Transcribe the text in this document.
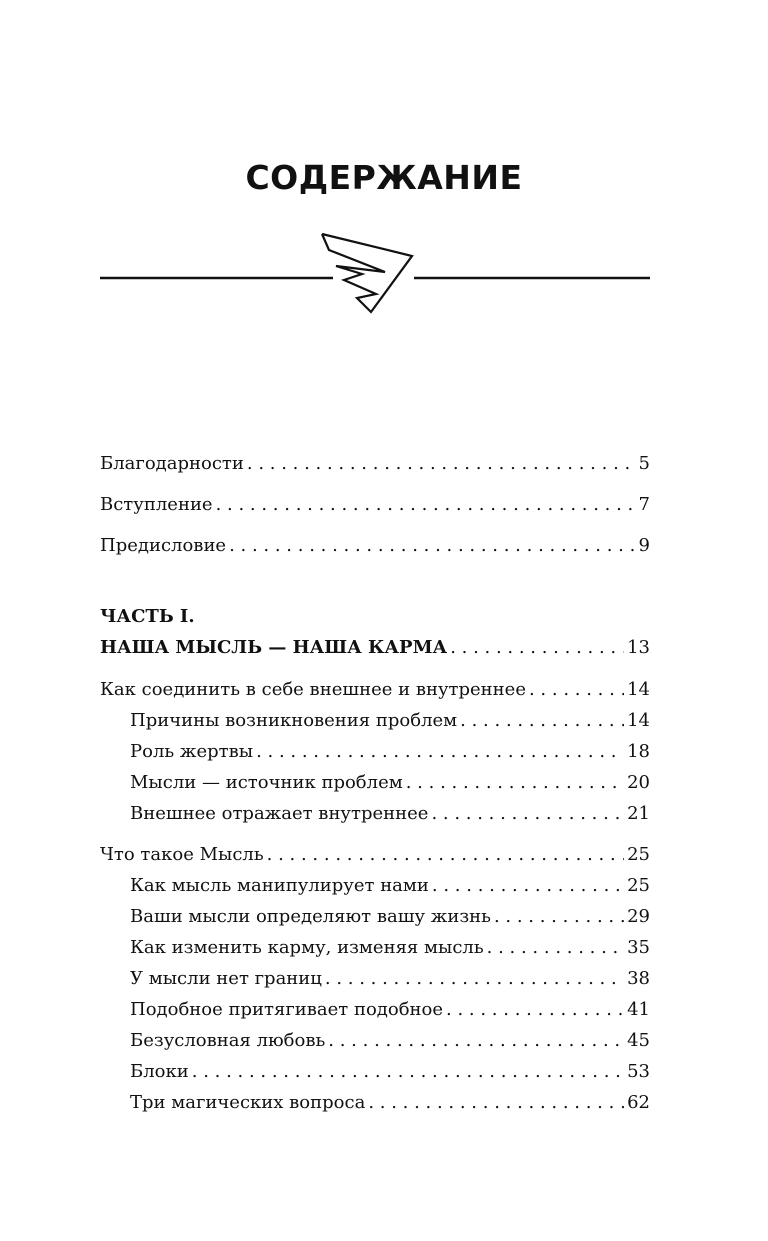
СОДЕРЖАНИЕ
Благодарности . . .	5
Вступление . . .	7
Предисловие . . .	9
ЧАСТЬ I.
НАША МЫСЛЬ — НАША КАРМА . . .	13
Как соединить в себе внешнее и внутреннее . . .	14
Причины возникновения проблем . . .	14
Роль жертвы . . .	18
Мысли — источник проблем . . .	20
Внешнее отражает внутреннее . . .	21
Что такое Мысль . . .	25
Как мысль манипулирует нами . . .	25
Ваши мысли определяют вашу жизнь . . .	29
Как изменить карму, изменяя мысль . . .	35
У мысли нет границ . . .	38
Подобное притягивает подобное . . .	41
Безусловная любовь . . .	45
Блоки . . .	53
Три магических вопроса . . .	62
